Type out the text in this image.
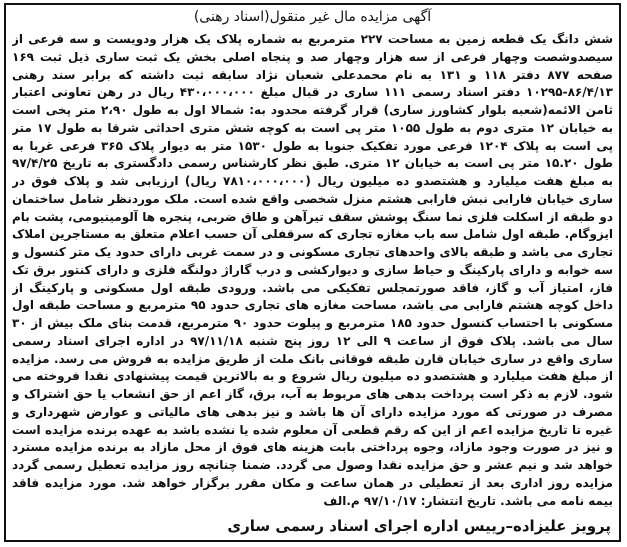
آگهی مزایده مال غیر منقول(اسناد رهنی)
شش دانگ یک قطعه زمین به مساحت ۲۲۷ مترمربع به شماره پلاک یک هزار ودویست و سه فرعی از سیصدوشصت وچهار فرعی از سه هزار وچهار صد و پنجاه اصلی بخش یک ثبت ساری ذیل ثبت ۱۶۹ صفحه ۸۷۷ دفتر ۱۱۸ و ۱۳۱ به نام محمدعلی شعبان نژاد سابقه ثبت داشته که برابر سند رهنی ۸۶/۴/۱۳-۱۰۲۹۵ دفتر اسناد رسمی ۱۱۱ ساری در قبال مبلغ ۴۳۰،۰۰۰،۰۰۰ ریال در رهن تعاونی اعتبار ثامن الائمه(شعبه بلوار کشاورز ساری) قرار گرفته محدود به: شمالا اول به طول ۲،۹۰ متر پخی است به خیابان ۱۲ متری دوم به طول ۱۰۵۵ متر پی است به کوچه شش متری احداثی شرقا به طول ۱۷ متر پی است به پلاک ۱۲۰۴ فرعی مورد تفکیک جنوبا به طول ۱۵۳۰ متر به دیوار پلاک ۳۶۵ فرعی غربا به طول ۱۵.۲۰ متر پی است به خیابان ۱۲ متری. طبق نظر کارشناس رسمی دادگستری به تاریخ ۹۷/۴/۲۵ به مبلغ هفت میلیارد و هشتصدو ده میلیون ریال (۷۸۱۰،۰۰۰،۰۰۰ ریال) ارزیابی شد و پلاک فوق در ساری خیابان فارابی نبش فارابی هشتم منزل شخصی واقع شده است. ملک موردنظر شامل ساختمان دو طبقه از اسکلت فلزی نما سنگ پوشش سقف تیرآهن و طاق ضربی، پنجره ها آلومینیومی، پشت بام ایزوگام. طبقه اول شامل سه باب مغازه تجاری که سرقفلی آن حسب اعلام متعلق به مستاجرین املاک تجاری می باشد و طبقه بالای واحدهای تجاری مسکونی و در سمت غربی دارای حدود یک متر کنسول و سه خوابه و دارای پارکینگ و حیاط سازی و دیوارکشی و درب گاراژ دولنگه فلزی و دارای کنتور برق تک فاز، امتیاز آب و گاز، فاقد صورتمجلس تفکیکی می باشد. ورودی طبقه اول مسکونی و پارکینگ از داخل کوچه هشتم فارابی می باشد، مساحت مغازه های تجاری حدود ۹۵ مترمربع و مساحت طبقه اول مسکونی با احتساب کنسول حدود ۱۸۵ مترمربع و پیلوت حدود ۹۰ مترمربع، قدمت بنای ملک بیش از ۳۰ سال می باشد. پلاک فوق از ساعت ۹ الی ۱۲ روز پنج شنبه ۹۷/۱۱/۱۸ در اداره اجرای اسناد رسمی ساری واقع در ساری خیابان قارن طبقه فوقانی بانک ملت از طریق مزایده به فروش می رسد. مزایده از مبلغ هفت میلیارد و هشتصدو ده میلیون ریال شروع و به بالاترین قیمت پیشنهادی نقدا فروخته می شود. لازم به ذکر است پرداخت بدهی های مربوط به آب، برق، گاز اعم از حق انشعاب یا حق اشتراک و مصرف در صورتی که مورد مزایده دارای آن ها باشد و نیز بدهی های مالیاتی و عوارض شهرداری و غیره تا تاریخ مزایده اعم از این که رقم قطعی آن معلوم شده یا نشده باشد به عهده برنده مزایده است و نیز در صورت وجود مازاد، وجوه پرداختی بابت هزینه های فوق از محل مازاد به برنده مزایده مسترد خواهد شد و نیم عشر و حق مزایده نقدا وصول می گردد. ضمنا چنانچه روز مزایده تعطیل رسمی گردد مزایده روز اداری بعد از تعطیلی در همان ساعت و مکان مقرر برگزار خواهد شد. مورد مزایده فاقد بیمه نامه می باشد. تاریخ انتشار: ۹۷/۱۰/۱۷ م.الف
پرویز علیزاده–رییس اداره اجرای اسناد رسمی ساری
